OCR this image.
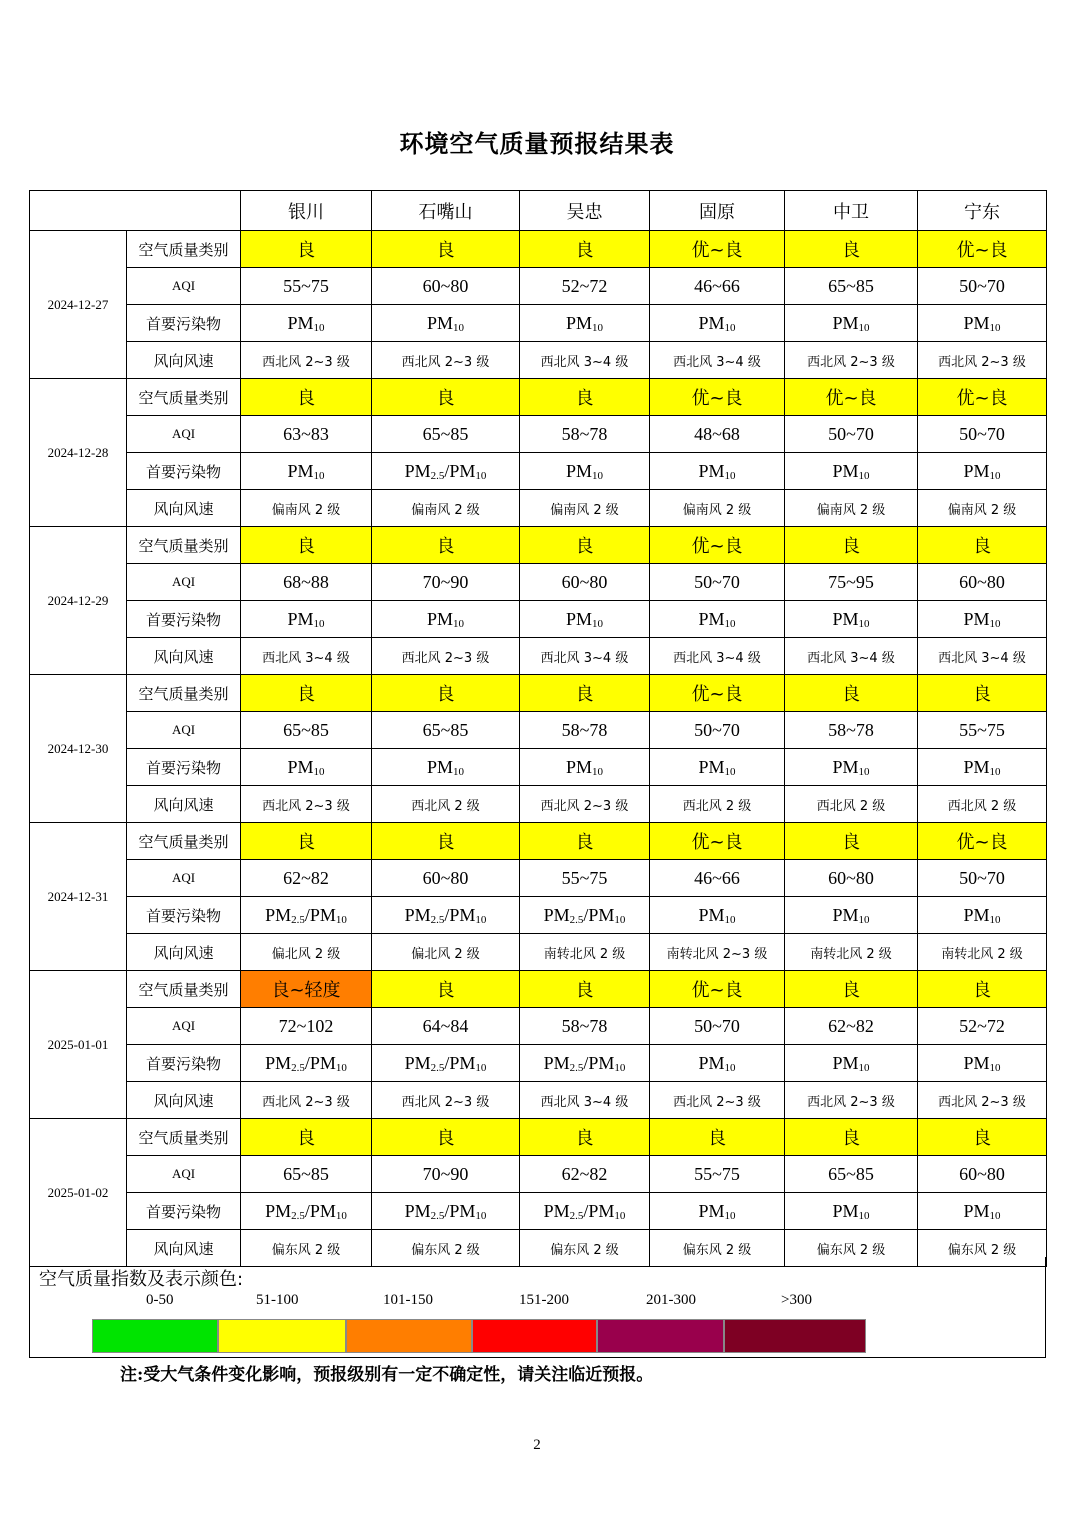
环境空气质量预报结果表
		银川	石嘴山	吴忠	固原	中卫	宁东
2024-12-27	空气质量类别	良	良	良	优~良	良	优~良
	AQI	55~75	60~80	52~72	46~66	65~85	50~70
	首要污染物	$PM_{10}$	$PM_{10}$	$PM_{10}$	$PM_{10}$	$PM_{10}$	$PM_{10}$
	风向风速	西北风 2~3 级	西北风 2~3 级	西北风 3~4 级	西北风 3~4 级	西北风 2~3 级	西北风 2~3 级
2024-12-28	空气质量类别	良	良	良	优~良	优~良	优~良
	AQI	63~83	65~85	58~78	48~68	50~70	50~70
	首要污染物	$PM_{10}$	$PM_{2.5}/PM_{10}$	$PM_{10}$	$PM_{10}$	$PM_{10}$	$PM_{10}$
	风向风速	偏南风 2 级	偏南风 2 级	偏南风 2 级	偏南风 2 级	偏南风 2 级	偏南风 2 级
2024-12-29	空气质量类别	良	良	良	优~良	良	良
	AQI	68~88	70~90	60~80	50~70	75~95	60~80
	首要污染物	$PM_{10}$	$PM_{10}$	$PM_{10}$	$PM_{10}$	$PM_{10}$	$PM_{10}$
	风向风速	西北风 3~4 级	西北风 2~3 级	西北风 3~4 级	西北风 3~4 级	西北风 3~4 级	西北风 3~4 级
2024-12-30	空气质量类别	良	良	良	优~良	良	良
	AQI	65~85	65~85	58~78	50~70	58~78	55~75
	首要污染物	$PM_{10}$	$PM_{10}$	$PM_{10}$	$PM_{10}$	$PM_{10}$	$PM_{10}$
	风向风速	西北风 2~3 级	西北风 2 级	西北风 2~3 级	西北风 2 级	西北风 2 级	西北风 2 级
2024-12-31	空气质量类别	良	良	良	优~良	良	优~良
	AQI	62~82	60~80	55~75	46~66	60~80	50~70
	首要污染物	$PM_{2.5}/PM_{10}$	$PM_{2.5}/PM_{10}$	$PM_{2.5}/PM_{10}$	$PM_{10}$	$PM_{10}$	$PM_{10}$
	风向风速	偏北风 2 级	偏北风 2 级	南转北风 2 级	南转北风 2~3 级	南转北风 2 级	南转北风 2 级
2025-01-01	空气质量类别	良~轻度	良	良	优~良	良	良
	AQI	72~102	64~84	58~78	50~70	62~82	52~72
	首要污染物	$PM_{2.5}/PM_{10}$	$PM_{2.5}/PM_{10}$	$PM_{2.5}/PM_{10}$	$PM_{10}$	$PM_{10}$	$PM_{10}$
	风向风速	西北风 2~3 级	西北风 2~3 级	西北风 3~4 级	西北风 2~3 级	西北风 2~3 级	西北风 2~3 级
2025-01-02	空气质量类别	良	良	良	良	良	良
	AQI	65~85	70~90	62~82	55~75	65~85	60~80
	首要污染物	$PM_{2.5}/PM_{10}$	$PM_{2.5}/PM_{10}$	$PM_{2.5}/PM_{10}$	$PM_{10}$	$PM_{10}$	$PM_{10}$
	风向风速	偏东风 2 级	偏东风 2 级	偏东风 2 级	偏东风 2 级	偏东风 2 级	偏东风 2 级
空气质量指数及表示颜色:
0-50	51-100	101-150	151-200	201-300	>300
注:受大气条件变化影响，预报级别有一定不确定性，请关注临近预报。
2
